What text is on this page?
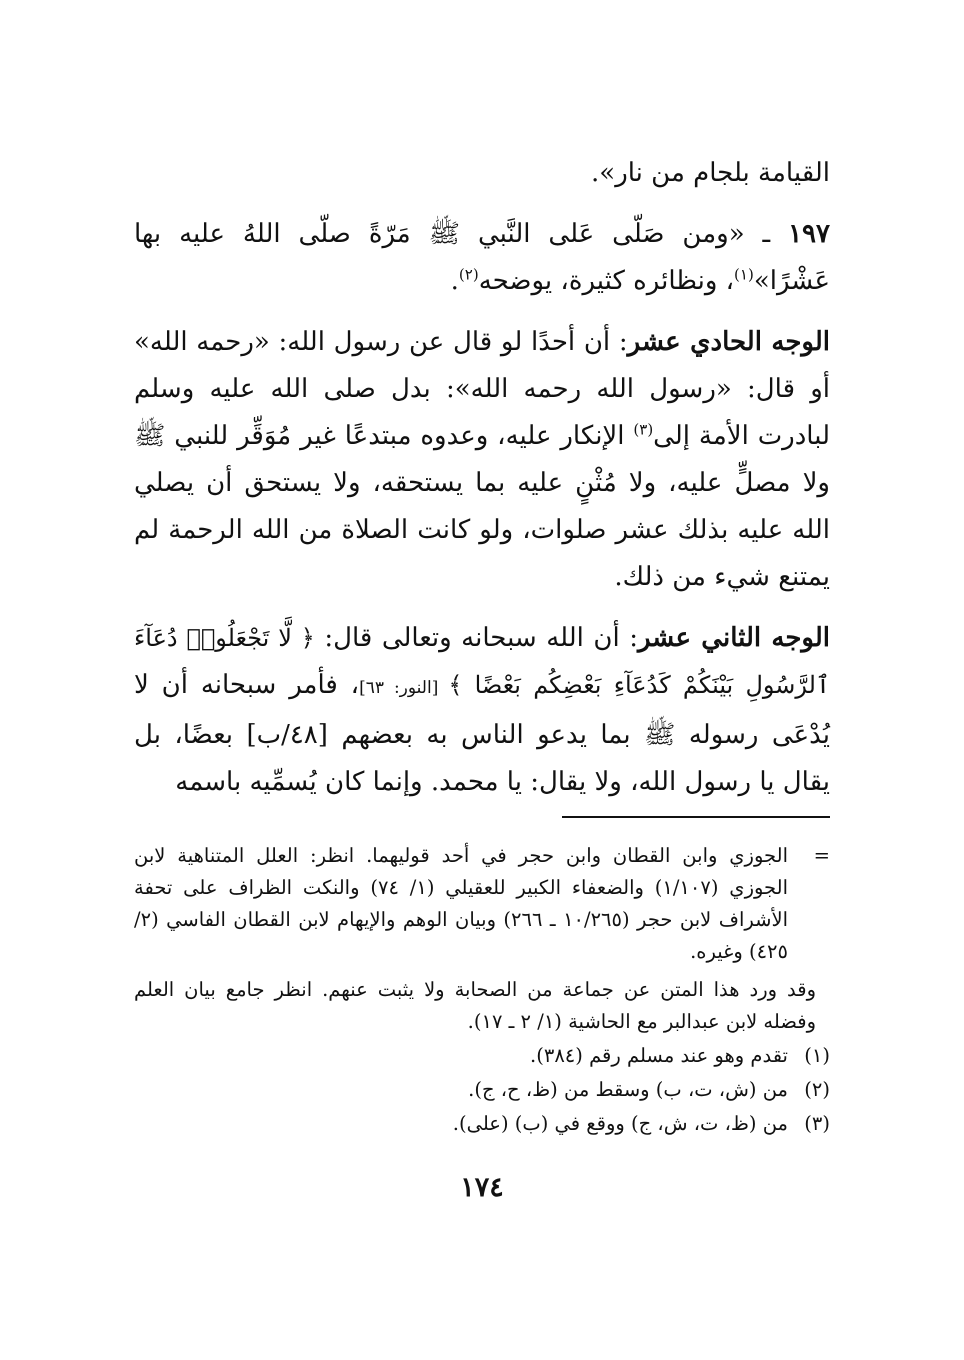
القيامة بلجام من نار».

١٩٧ ـ «ومن صَلّى عَلى النَّبي ﷺ مَرّةً صلّى اللهُ عليه بها عَشْرًا»$^{(١)}$، ونظائره كثيرة، يوضحه$^{(٢)}$.

الوجه الحادي عشر: أن أحدًا لو قال عن رسول الله: «رحمه الله» أو قال: «رسول الله رحمه الله»: بدل صلى الله عليه وسلم لبادرت الأمة إلى$^{(٣)}$ الإنكار عليه، وعدوه مبتدعًا غير مُوَقِّر للنبي ﷺ ولا مصلٍّ عليه، ولا مُثْنٍ عليه بما يستحقه، ولا يستحق أن يصلي الله عليه بذلك عشر صلوات، ولو كانت الصلاة من الله الرحمة لم يمتنع شيء من ذلك.

الوجه الثاني عشر: أن الله سبحانه وتعالى قال: ﴿ لَّا تَجْعَلُوا۟ دُعَآءَ ٱلرَّسُولِ بَيْنَكُمْ كَدُعَآءِ بَعْضِكُم بَعْضًا ﴾ [النور: ٦٣]، فأمر سبحانه أن لا يُدْعَى رسوله ﷺ بما يدعو الناس به بعضهم [٤٨/ب] بعضًا، بل يقال يا رسول الله، ولا يقال: يا محمد. وإنما كان يُسمِّيه باسمه

=
الجوزي وابن القطان وابن حجر في أحد قوليهما. انظر: العلل المتناهية لابن الجوزي (١/١٠٧) والضعفاء الكبير للعقيلي (١/ ٧٤) والنكت الظراف على تحفة الأشراف لابن حجر (١٠/٢٦٥ ـ ٢٦٦) وبيان الوهم والإيهام لابن القطان الفاسي (٢/ ٤٢٥) وغيره.

وقد ورد هذا المتن عن جماعة من الصحابة ولا يثبت عنهم. انظر جامع بيان العلم وفضله لابن عبدالبر مع الحاشية (١/ ٢ ـ ١٧).

(١)
تقدم وهو عند مسلم رقم (٣٨٤).

(٢)
من (ش، ت، ب) وسقط من (ظ، ح، ج).

(٣)
من (ظ، ت، ش، ج) ووقع في (ب) (على).

١٧٤
